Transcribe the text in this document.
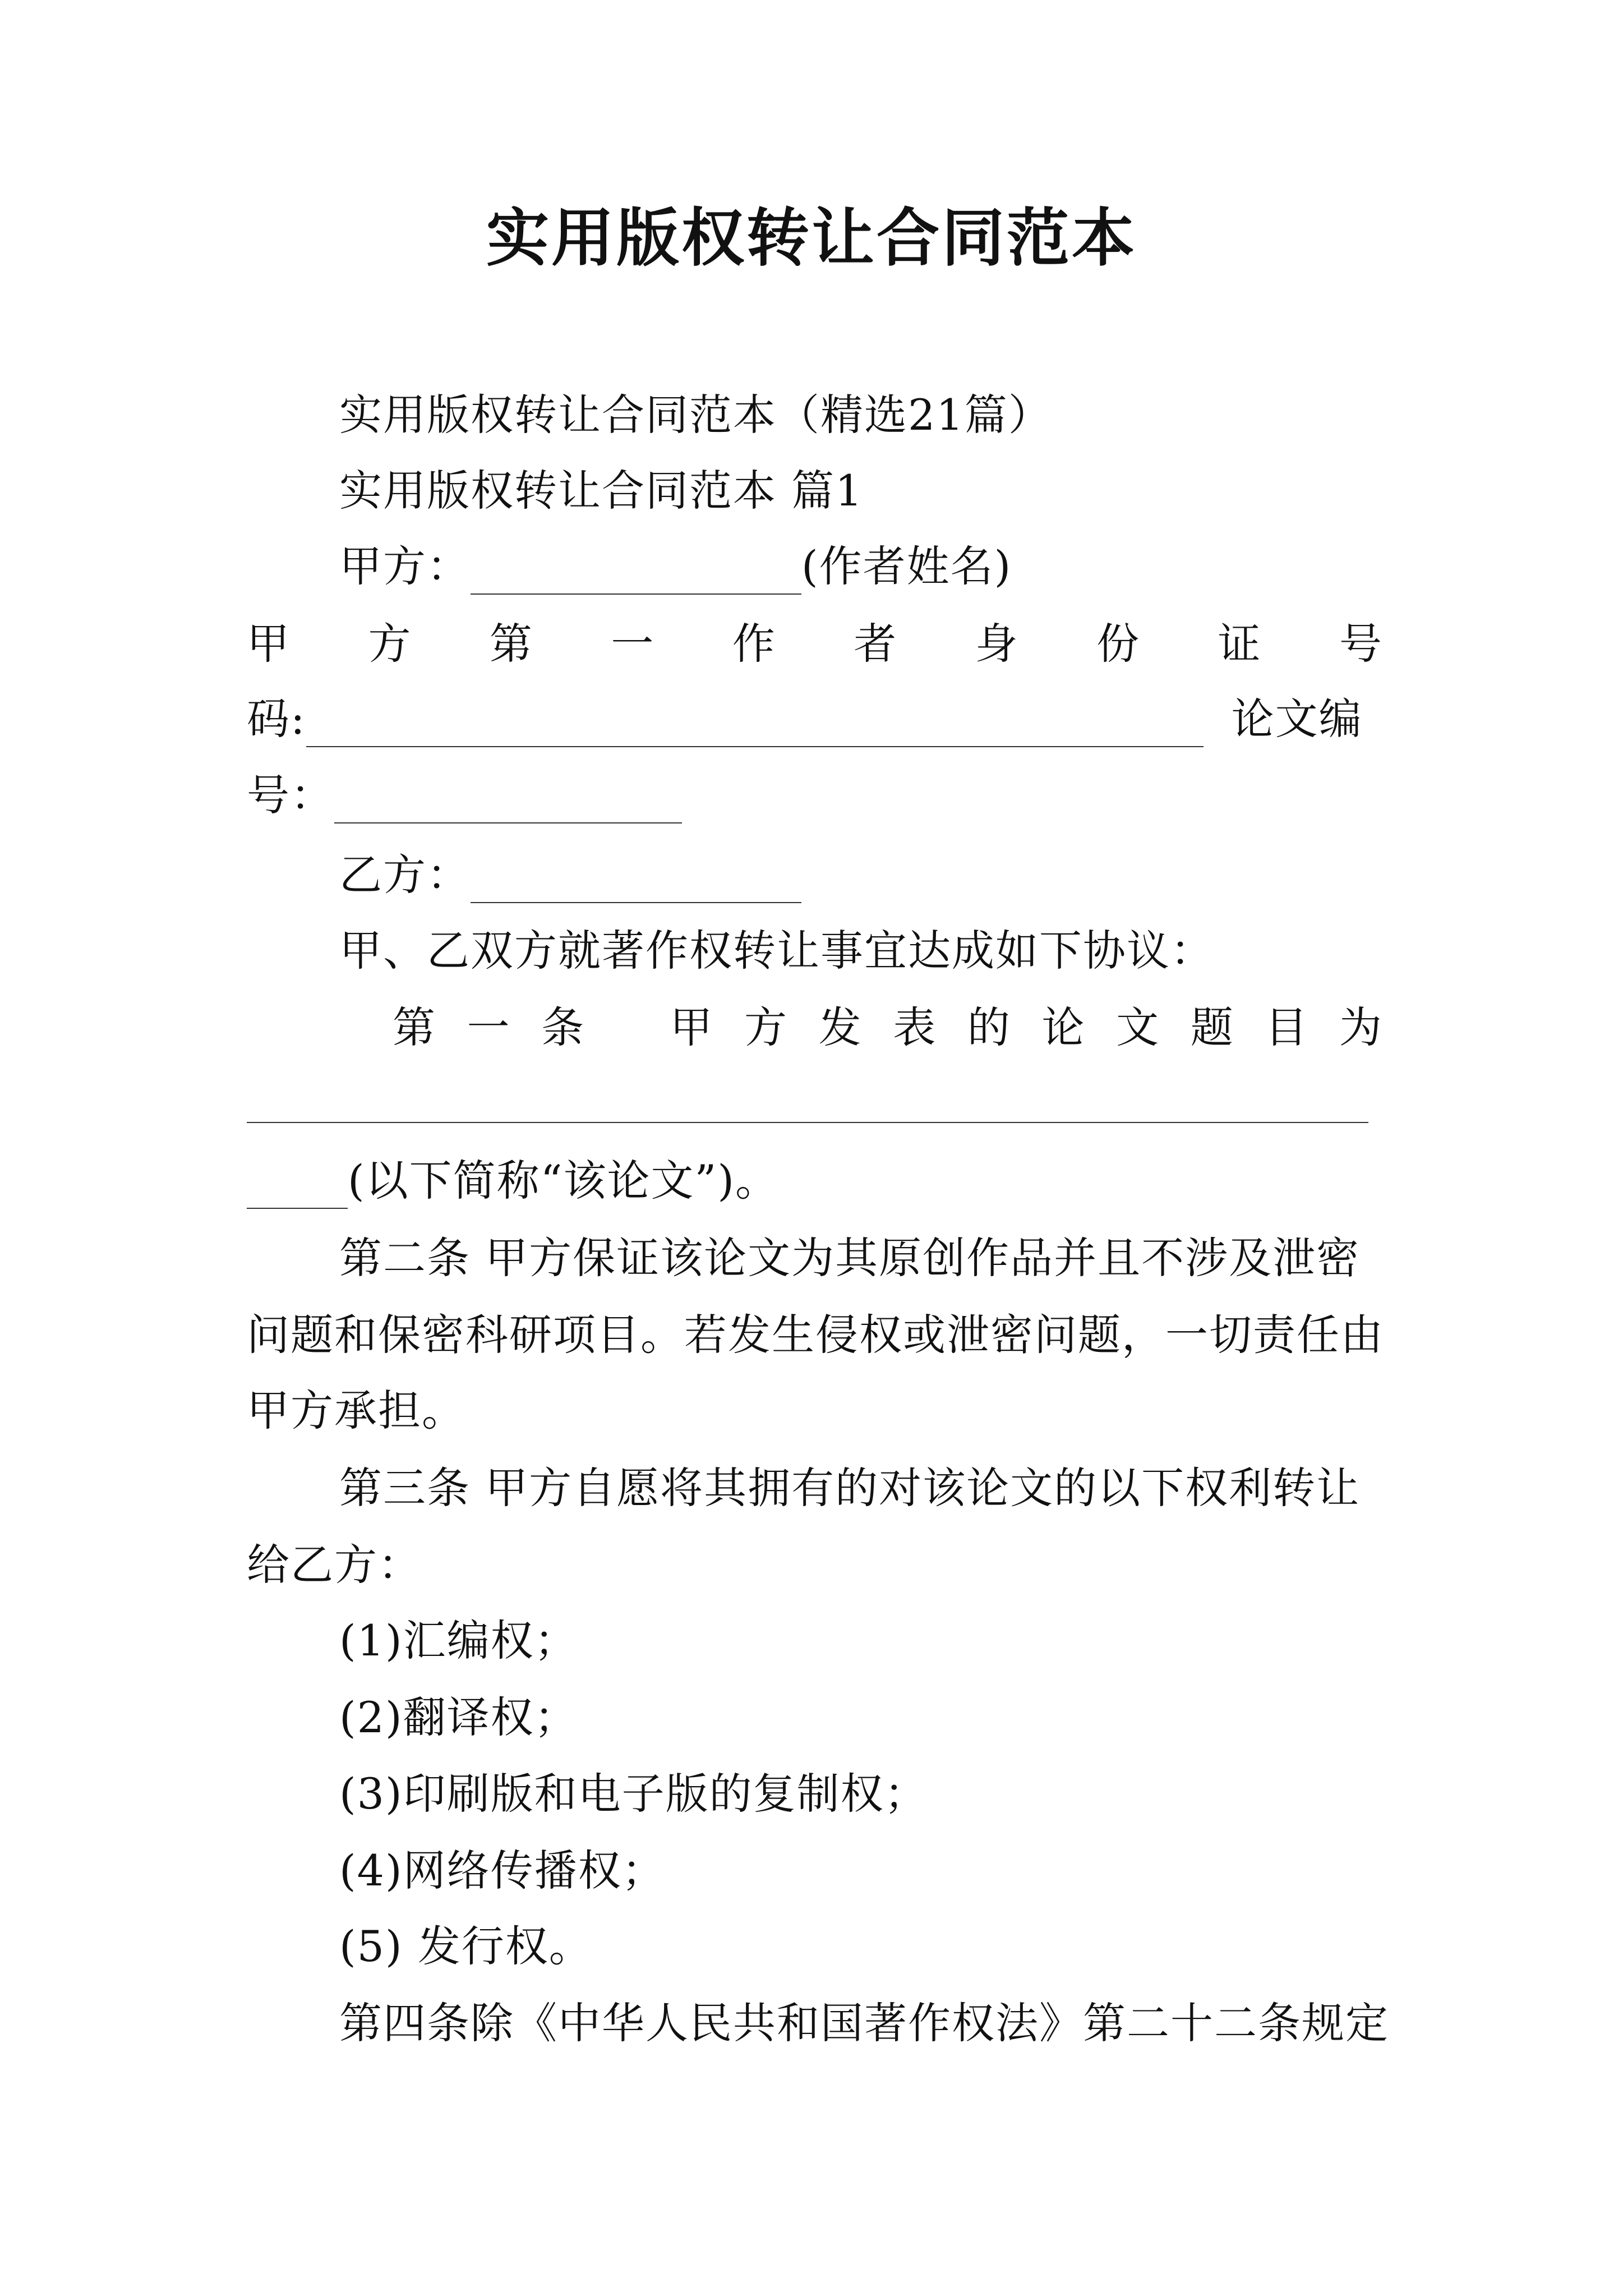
实用版权转让合同范本
实用版权转让合同范本（精选21篇）
实用版权转让合同范本 篇1
甲方：	(作者姓名)
甲 方 第 一 作 者 身 份 证 号
码:	论文编
号：
乙方：
甲、乙双方就著作权转让事宜达成如下协议：
第 一 条 甲 方 发 表 的 论 文 题 目 为
(以下简称“该论文”)。
第二条 甲方保证该论文为其原创作品并且不涉及泄密
问题和保密科研项目。若发生侵权或泄密问题，一切责任由
甲方承担。
第三条 甲方自愿将其拥有的对该论文的以下权利转让
给乙方：
(1)汇编权；
(2)翻译权；
(3)印刷版和电子版的复制权；
(4)网络传播权；
(5) 发行权。
第四条除《中华人民共和国著作权法》第二十二条规定
